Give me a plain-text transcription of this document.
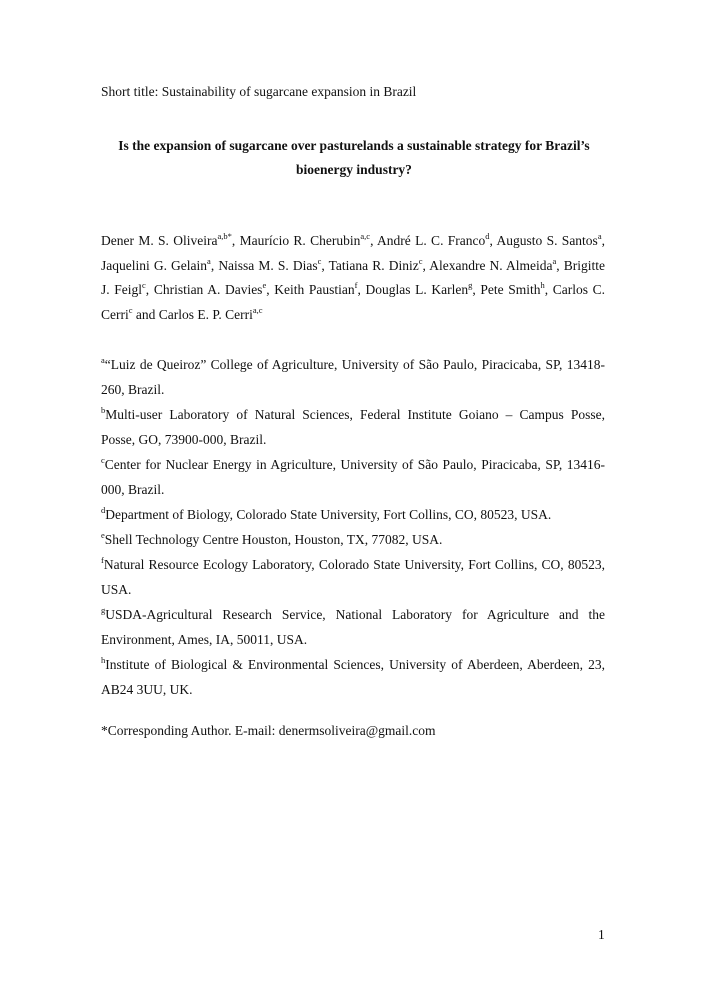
Short title: Sustainability of sugarcane expansion in Brazil
Is the expansion of sugarcane over pasturelands a sustainable strategy for Brazil’s
bioenergy industry?
Dener M. S. Oliveira$^{a,b*}$, Maurício R. Cherubin$^{a,c}$, André L. C. Franco$^d$, Augusto S. Santos$^a$, Jaquelini G. Gelain$^a$, Naissa M. S. Dias$^c$, Tatiana R. Diniz$^c$, Alexandre N. Almeida$^a$, Brigitte J. Feigl$^c$, Christian A. Davies$^e$, Keith Paustian$^f$, Douglas L. Karlen$^g$, Pete Smith$^h$, Carlos C. Cerri$^c$ and Carlos E. P. Cerri$^{a,c}$

$^a$“Luiz de Queiroz” College of Agriculture, University of São Paulo, Piracicaba, SP, 13418-260, Brazil.

$^b$Multi-user Laboratory of Natural Sciences, Federal Institute Goiano – Campus Posse, Posse, GO, 73900-000, Brazil.

$^c$Center for Nuclear Energy in Agriculture, University of São Paulo, Piracicaba, SP, 13416-000, Brazil.

$^d$Department of Biology, Colorado State University, Fort Collins, CO, 80523, USA.

$^e$Shell Technology Centre Houston, Houston, TX, 77082, USA.

$^f$Natural Resource Ecology Laboratory, Colorado State University, Fort Collins, CO, 80523, USA.

$^g$USDA-Agricultural Research Service, National Laboratory for Agriculture and the Environment, Ames, IA, 50011, USA.

$^h$Institute of Biological & Environmental Sciences, University of Aberdeen, Aberdeen, 23, AB24 3UU, UK.

*Corresponding Author. E-mail: denermsoliveira@gmail.com
1
